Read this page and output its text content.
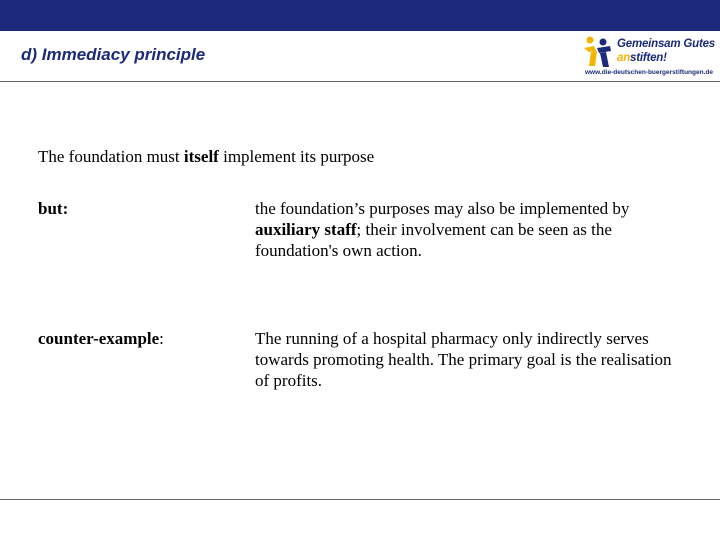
d) Immediacy principle
Gemeinsam Gutes
anstiften!
www.die-deutschen-buergerstiftungen.de

The foundation must itself implement its purpose

but:	the foundation’s purposes may also be implemented by auxiliary staff; their involvement can be seen as the foundation's own action.
counter-example:	The running of a hospital pharmacy only indirectly serves towards promoting health. The primary goal is the realisation of profits.
